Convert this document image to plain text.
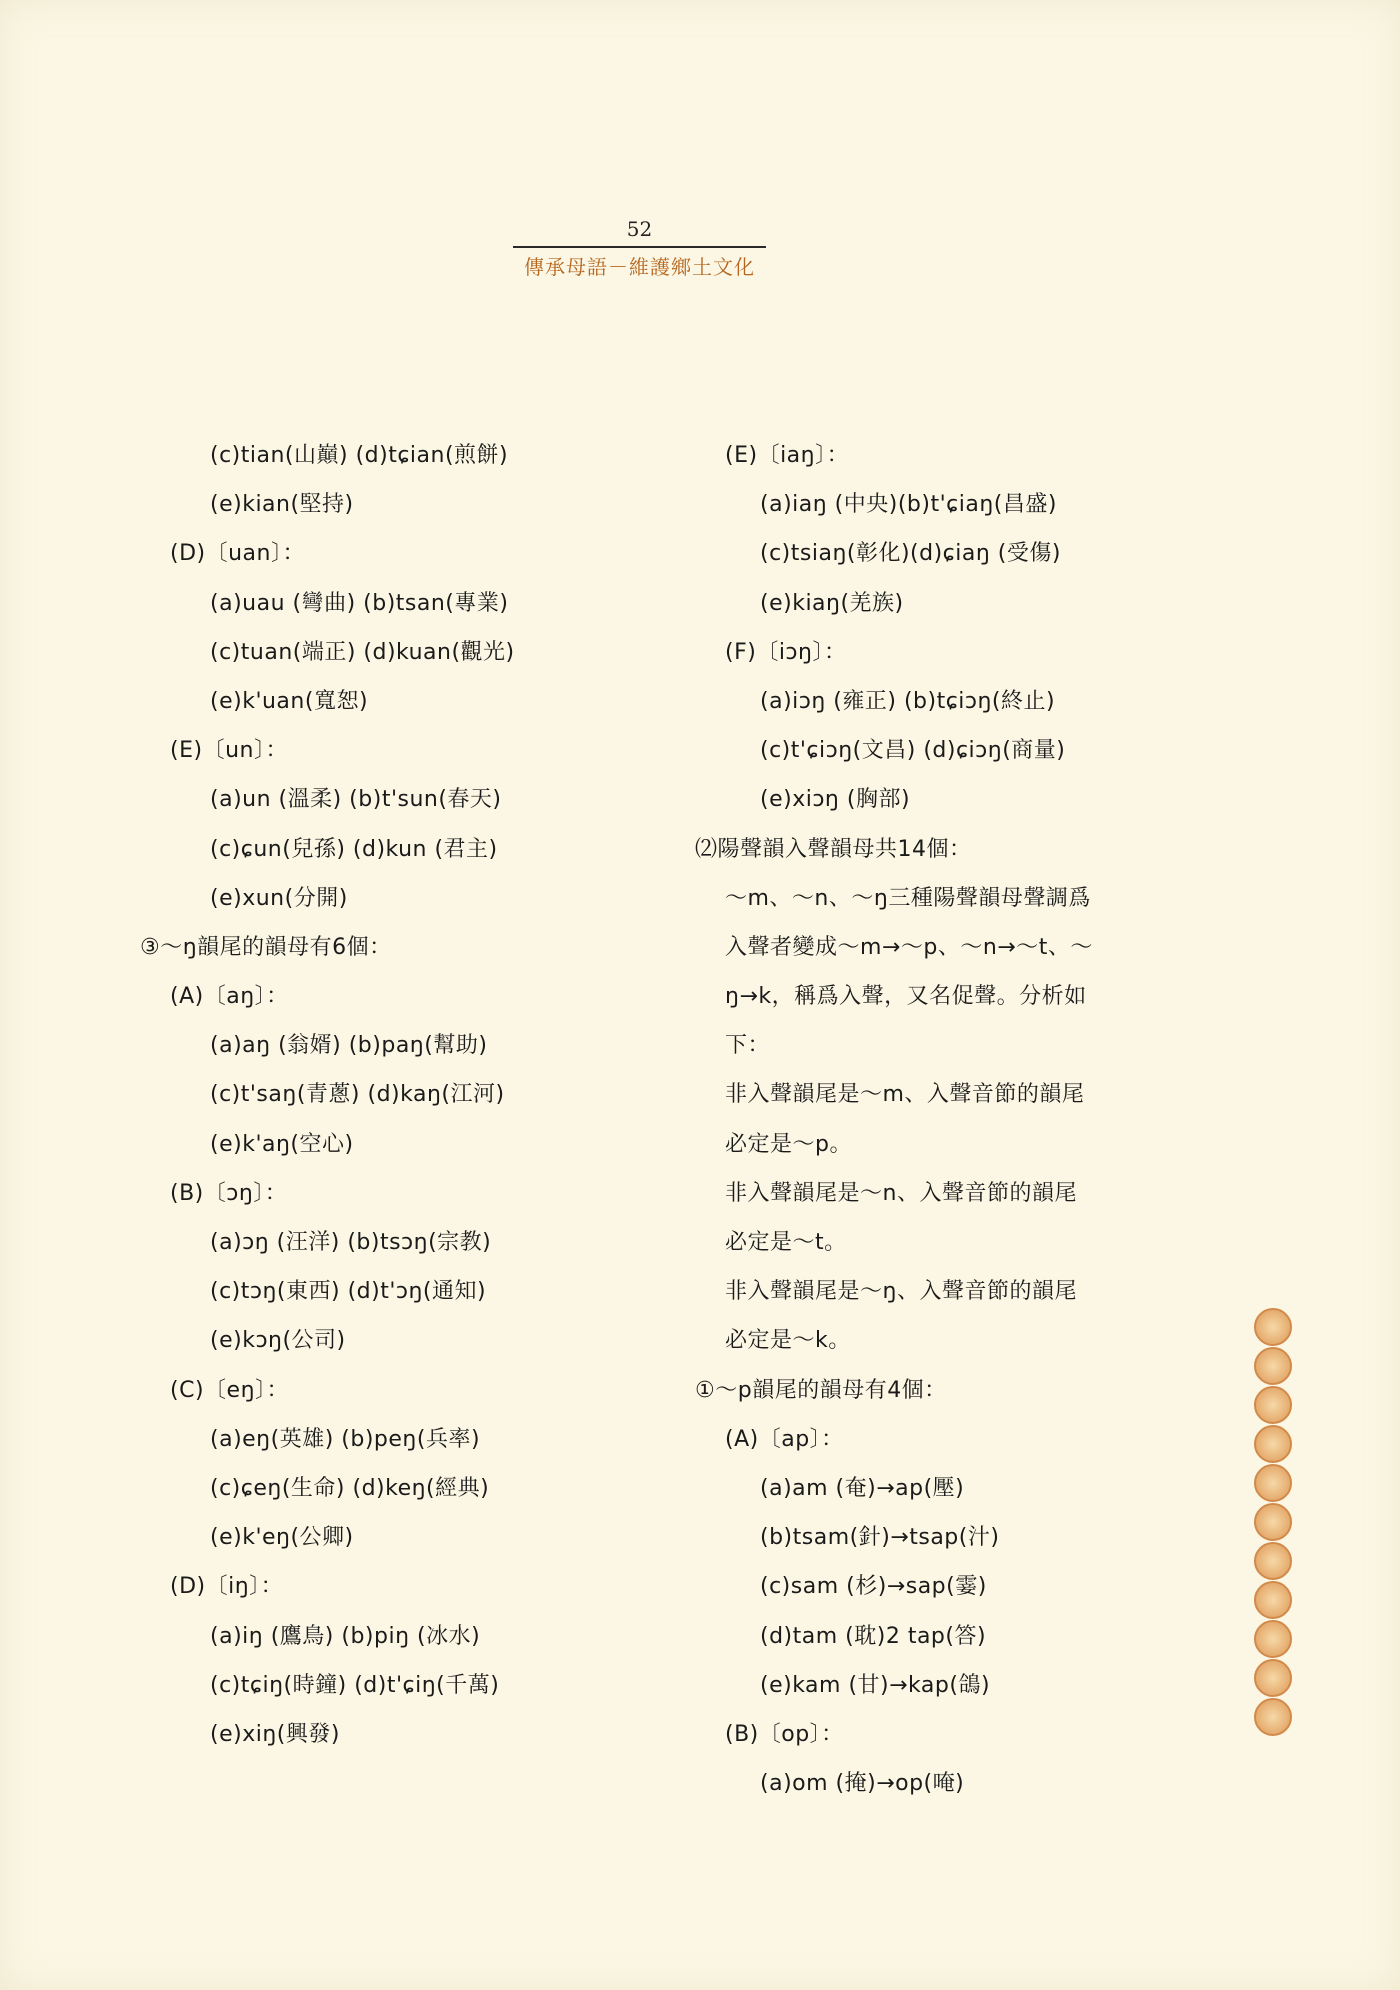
52
傳承母語－維護鄉土文化
(c)tian(山巔) (d)tɕian(煎餅)
(e)kian(堅持)
(D)〔uan〕：
(a)uau (彎曲) (b)tsan(專業)
(c)tuan(端正) (d)kuan(觀光)
(e)k'uan(寬恕)
(E)〔un〕：
(a)un (溫柔) (b)t'sun(春天)
(c)ɕun(兒孫) (d)kun (君主)
(e)xun(分開)
③～ŋ韻尾的韻母有6個：
(A)〔aŋ〕：
(a)aŋ (翁婿) (b)paŋ(幫助)
(c)t'saŋ(青蔥) (d)kaŋ(江河)
(e)k'aŋ(空心)
(B)〔ɔŋ〕：
(a)ɔŋ (汪洋) (b)tsɔŋ(宗教)
(c)tɔŋ(東西) (d)t'ɔŋ(通知)
(e)kɔŋ(公司)
(C)〔eŋ〕：
(a)eŋ(英雄) (b)peŋ(兵率)
(c)ɕeŋ(生命) (d)keŋ(經典)
(e)k'eŋ(公卿)
(D)〔iŋ〕：
(a)iŋ (鷹鳥) (b)piŋ (冰水)
(c)tɕiŋ(時鐘) (d)t'ɕiŋ(千萬)
(e)xiŋ(興發)
(E)〔iaŋ〕：
(a)iaŋ (中央)(b)t'ɕiaŋ(昌盛)
(c)tsiaŋ(彰化)(d)ɕiaŋ (受傷)
(e)kiaŋ(羌族)
(F)〔iɔŋ〕：
(a)iɔŋ (雍正) (b)tɕiɔŋ(終止)
(c)t'ɕiɔŋ(文昌) (d)ɕiɔŋ(商量)
(e)xiɔŋ (胸部)
⑵陽聲韻入聲韻母共14個：
～m、～n、～ŋ三種陽聲韻母聲調爲
入聲者變成～m→～p、～n→～t、～
ŋ→k，稱爲入聲，又名促聲。分析如
下：
非入聲韻尾是～m、入聲音節的韻尾
必定是～p。
非入聲韻尾是～n、入聲音節的韻尾
必定是～t。
非入聲韻尾是～ŋ、入聲音節的韻尾
必定是～k。
①～p韻尾的韻母有4個：
(A)〔ap〕：
(a)am (奄)→ap(壓)
(b)tsam(針)→tsap(汁)
(c)sam (杉)→sap(霎)
(d)tam (耽)2 tap(答)
(e)kam (甘)→kap(鴿)
(B)〔op〕：
(a)om (掩)→op(唵)
